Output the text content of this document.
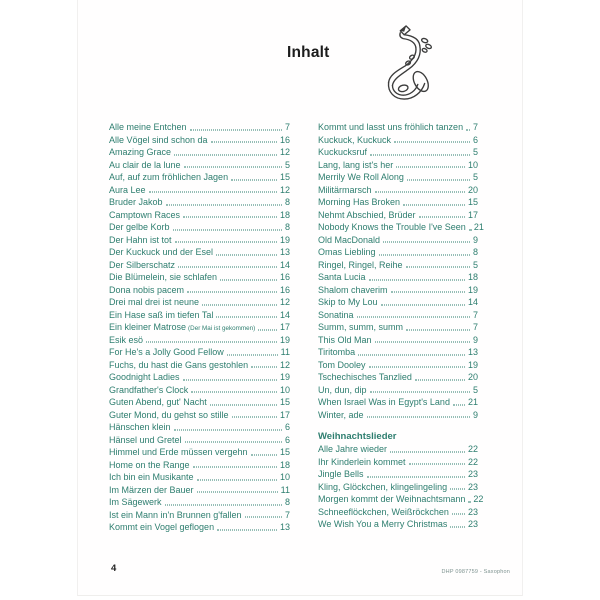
Inhalt
Alle meine Entchen	7
Alle Vögel sind schon da	16
Amazing Grace	12
Au clair de la lune	5
Auf, auf zum fröhlichen Jagen	15
Aura Lee	12
Bruder Jakob	8
Camptown Races	18
Der gelbe Korb	8
Der Hahn ist tot	19
Der Kuckuck und der Esel	13
Der Silberschatz	14
Die Blümelein, sie schlafen	16
Dona nobis pacem	16
Drei mal drei ist neune	12
Ein Hase saß im tiefen Tal	14
Ein kleiner Matrose (Der Mai ist gekommen)	17
Esik esö	19
For He's a Jolly Good Fellow	11
Fuchs, du hast die Gans gestohlen	12
Goodnight Ladies	19
Grandfather's Clock	10
Guten Abend, gut' Nacht	15
Guter Mond, du gehst so stille	17
Hänschen klein	6
Hänsel und Gretel	6
Himmel und Erde müssen vergehn	15
Home on the Range	18
Ich bin ein Musikante	10
Im Märzen der Bauer	11
Im Sägewerk	8
Ist ein Mann in'n Brunnen g'fallen	7
Kommt ein Vogel geflogen	13
Kommt und lasst uns fröhlich tanzen 7
Kuckuck, Kuckuck	6
Kuckucksruf	5
Lang, lang ist's her	10
Merrily We Roll Along	5
Militärmarsch	20
Morning Has Broken	15
Nehmt Abschied, Brüder	17
Nobody Knows the Trouble I've Seen 21
Old MacDonald	9
Omas Liebling	8
Ringel, Ringel, Reihe	5
Santa Lucia	18
Shalom chaverim	19
Skip to My Lou	14
Sonatina	7
Summ, summ, summ	7
This Old Man	9
Tiritomba	13
Tom Dooley	19
Tschechisches Tanzlied	20
Un, dun, dip	5
When Israel Was in Egypt's Land 21
Winter, ade	9
Weihnachtslieder
Alle Jahre wieder	22
Ihr Kinderlein kommet	22
Jingle Bells	23
Kling, Glöckchen, klingelingeling 23
Morgen kommt der Weihnachtsmann 22
Schneeflöckchen, Weißröckchen 23
We Wish You a Merry Christmas 23
4	DHP 0987759 - Saxophon
